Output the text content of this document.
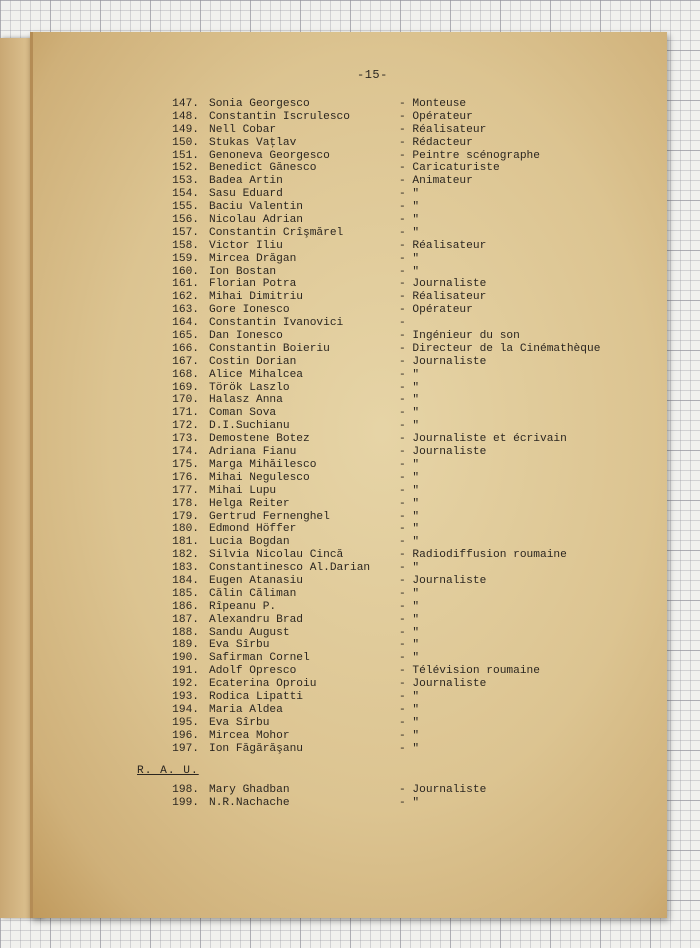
-15-
147. Sonia Georgesco	- Monteuse
148. Constantin Iscrulesco	- Opérateur
149. Nell Cobar	- Réalisateur
150. Stukas Vaţlav	- Rédacteur
151. Genoneva Georgesco	- Peintre scénographe
152. Benedict Gănesco	- Caricaturiste
153. Badea Artin	- Animateur
154. Sasu Eduard	- "
155. Baciu Valentin	- "
156. Nicolau Adrian	- "
157. Constantin Crîşmărel	- "
158. Victor Iliu	- Réalisateur
159. Mircea Drăgan	- "
160. Ion Bostan	- "
161. Florian Potra	- Journaliste
162. Mihai Dimitriu	- Réalisateur
163. Gore Ionesco	- Opérateur
164. Constantin Ivanovici	-
165. Dan Ionesco	- Ingénieur du son
166. Constantin Boieriu	- Directeur de la Cinémathèque
167. Costin Dorian	- Journaliste
168. Alice Mihalcea	- "
169. Török Laszlo	- "
170. Halasz Anna	- "
171. Coman Sova	- "
172. D.I.Suchianu	- "
173. Demostene Botez	- Journaliste et écrivain
174. Adriana Fianu	- Journaliste
175. Marga Mihăilesco	- "
176. Mihai Negulesco	- "
177. Mihai Lupu	- "
178. Helga Reiter	- "
179. Gertrud Fernenghel	- "
180. Edmond Höffer	- "
181. Lucia Bogdan	- "
182. Silvia Nicolau Cincă	- Radiodiffusion roumaine
183. Constantinesco Al.Darian	- "
184. Eugen Atanasiu	- Journaliste
185. Călin Căliman	- "
186. Rîpeanu P.	- "
187. Alexandru Brad	- "
188. Sandu August	- "
189. Eva Sîrbu	- "
190. Safirman Cornel	- "
191. Adolf Opresco	- Télévision roumaine
192. Ecaterina Oproiu	- Journaliste
193. Rodica Lipatti	- "
194. Maria Aldea	- "
195. Eva Sîrbu	- "
196. Mircea Mohor	- "
197. Ion Făgărăşanu	- "
R. A. U.
198. Mary Ghadban	- Journaliste
199. N.R.Nachache	- "
